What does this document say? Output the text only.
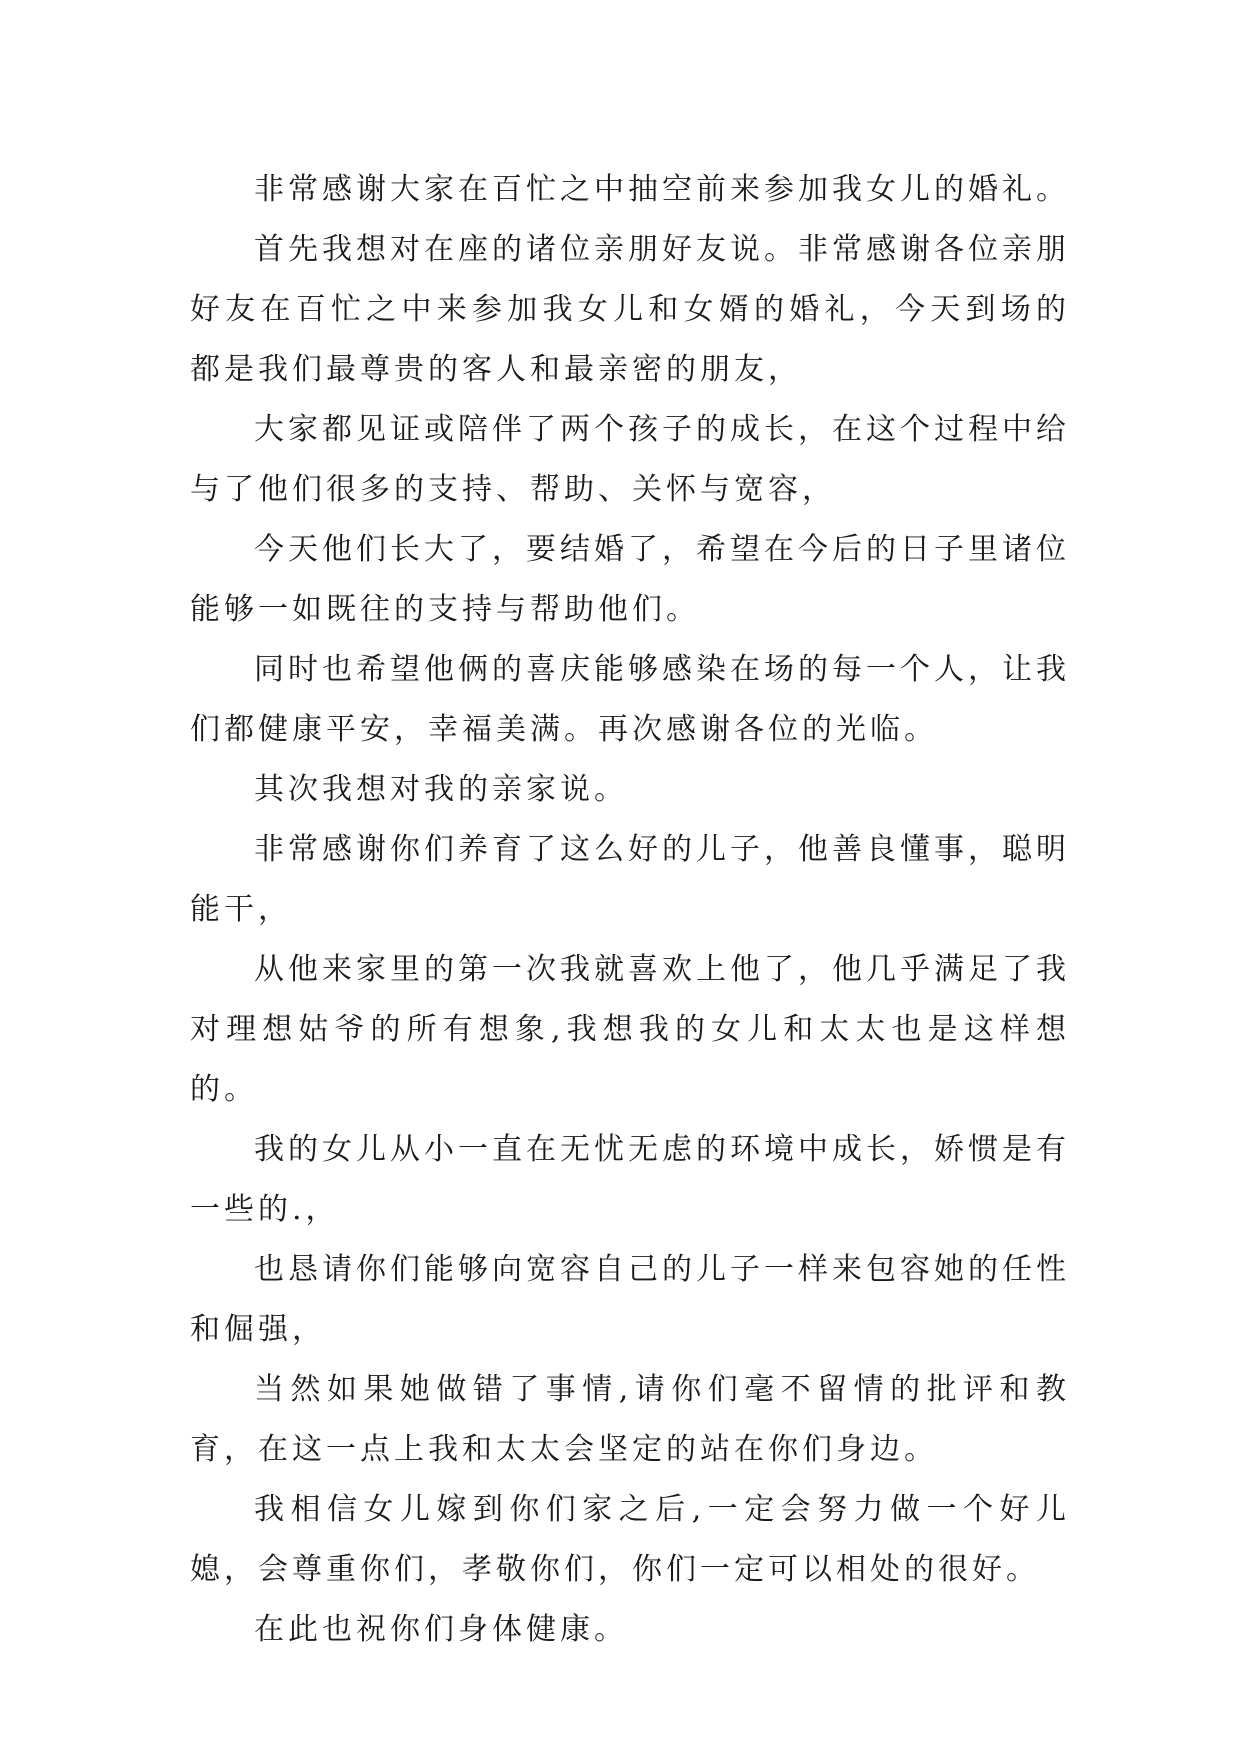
非常感谢大家在百忙之中抽空前来参加我女儿的婚礼。

首先我想对在座的诸位亲朋好友说。非常感谢各位亲朋好友在百忙之中来参加我女儿和女婿的婚礼，今天到场的都是我们最尊贵的客人和最亲密的朋友，

大家都见证或陪伴了两个孩子的成长，在这个过程中给与了他们很多的支持、帮助、关怀与宽容，

今天他们长大了，要结婚了，希望在今后的日子里诸位能够一如既往的支持与帮助他们。

同时也希望他俩的喜庆能够感染在场的每一个人，让我们都健康平安，幸福美满。再次感谢各位的光临。

其次我想对我的亲家说。

非常感谢你们养育了这么好的儿子，他善良懂事，聪明能干，

从他来家里的第一次我就喜欢上他了，他几乎满足了我对理想姑爷的所有想象,我想我的女儿和太太也是这样想的。

我的女儿从小一直在无忧无虑的环境中成长，娇惯是有一些的.，

也恳请你们能够向宽容自己的儿子一样来包容她的任性和倔强，

当然如果她做错了事情,请你们毫不留情的批评和教育，在这一点上我和太太会坚定的站在你们身边。

我相信女儿嫁到你们家之后,一定会努力做一个好儿媳，会尊重你们，孝敬你们，你们一定可以相处的很好。

在此也祝你们身体健康。
